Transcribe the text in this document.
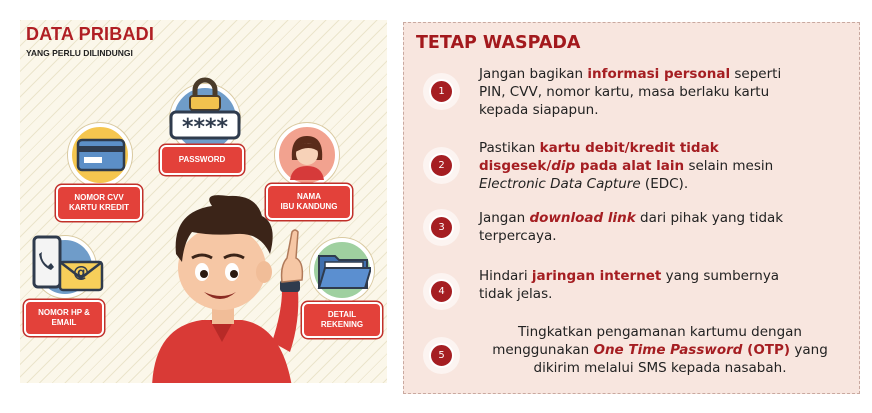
DATA PRIBADI
YANG PERLU DILINDUNGI
****
PASSWORD
NOMOR CVV
KARTU KREDIT
NAMA
IBU KANDUNG
@
NOMOR HP &
EMAIL
DETAIL
REKENING
TETAP WASPADA
1
Jangan bagikan informasi personal seperti
PIN, CVV, nomor kartu, masa berlaku kartu
kepada siapapun.
2
Pastikan kartu debit/kredit tidak
disgesek/dip pada alat lain selain mesin
Electronic Data Capture (EDC).
3
Jangan download link dari pihak yang tidak
terpercaya.
4
Hindari jaringan internet yang sumbernya
tidak jelas.
5
Tingkatkan pengamanan kartumu dengan
menggunakan One Time Password (OTP) yang
dikirim melalui SMS kepada nasabah.
